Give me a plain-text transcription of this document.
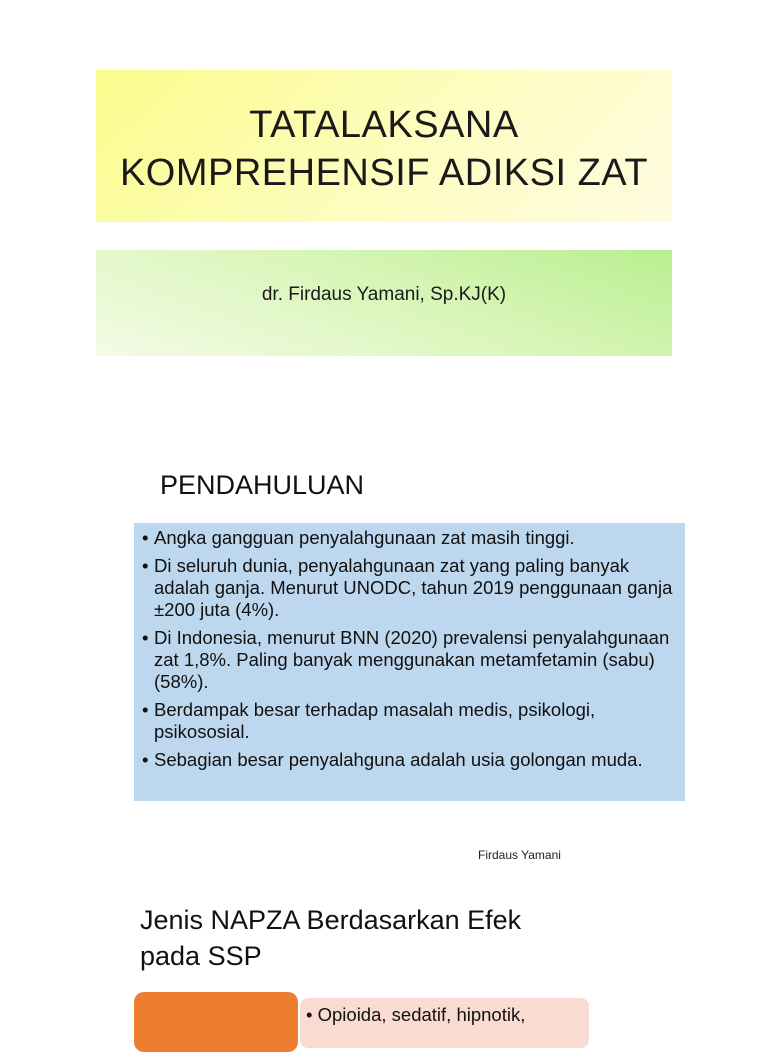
TATALAKSANA
KOMPREHENSIF ADIKSI ZAT
dr. Firdaus Yamani, Sp.KJ(K)
PENDAHULUAN
• Angka gangguan penyalahgunaan zat masih tinggi.
• Di seluruh dunia, penyalahgunaan zat yang paling banyak adalah ganja. Menurut UNODC, tahun 2019 penggunaan ganja ±200 juta (4%).
• Di Indonesia, menurut BNN (2020) prevalensi penyalahgunaan zat 1,8%. Paling banyak menggunakan metamfetamin (sabu) (58%).
• Berdampak besar terhadap masalah medis, psikologi, psikososial.
• Sebagian besar penyalahguna adalah usia golongan muda.
Firdaus Yamani
Jenis NAPZA Berdasarkan Efek pada SSP
• Opioida, sedatif, hipnotik,
